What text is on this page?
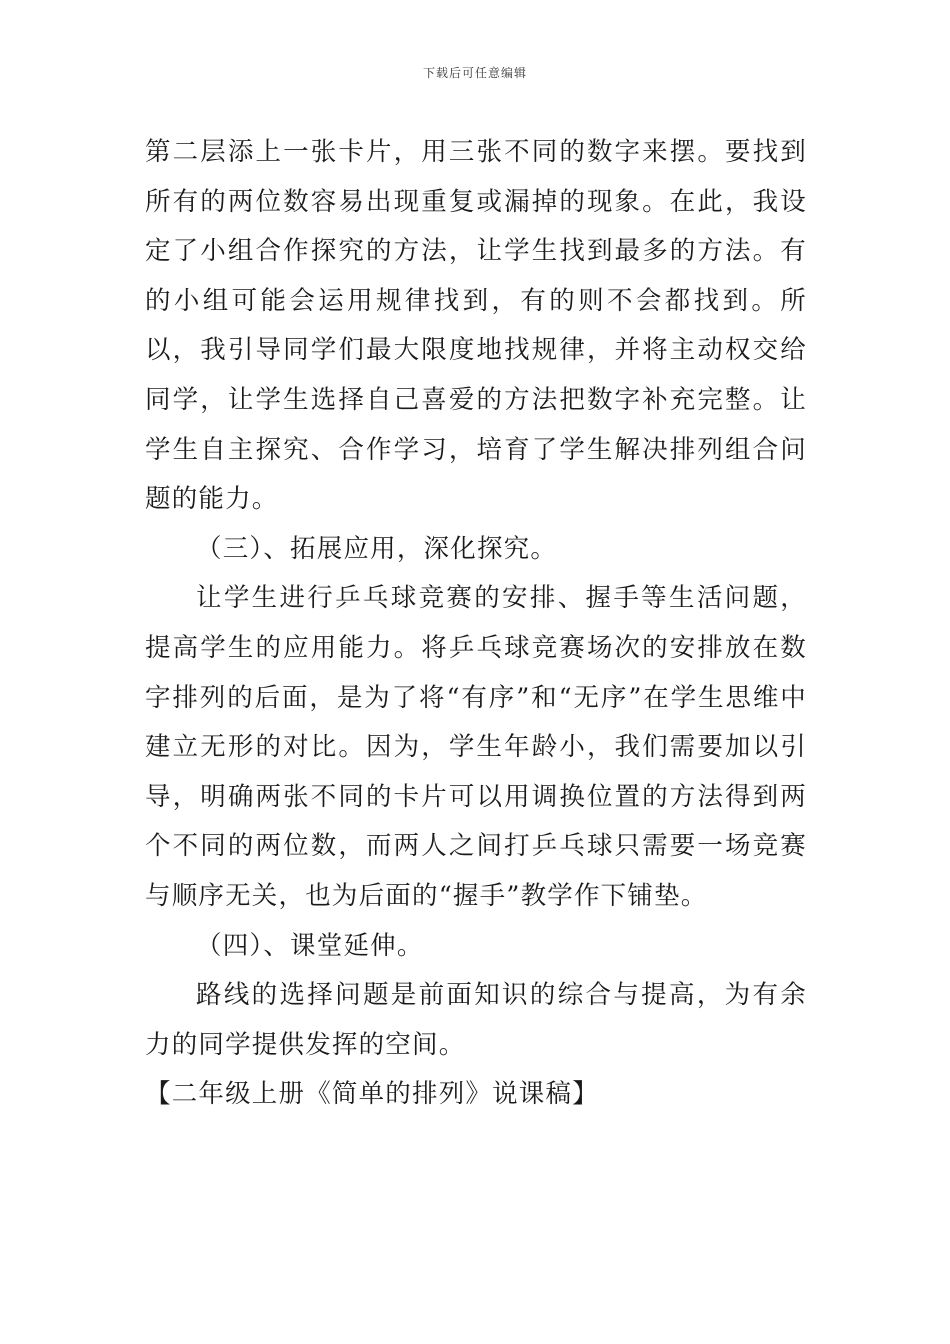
下载后可任意编辑

第二层添上一张卡片，用三张不同的数字来摆。要找到所有的两位数容易出现重复或漏掉的现象。在此，我设定了小组合作探究的方法，让学生找到最多的方法。有的小组可能会运用规律找到，有的则不会都找到。所以，我引导同学们最大限度地找规律，并将主动权交给同学，让学生选择自己喜爱的方法把数字补充完整。让学生自主探究、合作学习，培育了学生解决排列组合问题的能力。

（三）、拓展应用，深化探究。

让学生进行乒乓球竞赛的安排、握手等生活问题，提高学生的应用能力。将乒乓球竞赛场次的安排放在数字排列的后面，是为了将“有序”和“无序”在学生思维中建立无形的对比。因为，学生年龄小，我们需要加以引导，明确两张不同的卡片可以用调换位置的方法得到两个不同的两位数，而两人之间打乒乓球只需要一场竞赛与顺序无关，也为后面的“握手”教学作下铺垫。

（四）、课堂延伸。

路线的选择问题是前面知识的综合与提高，为有余力的同学提供发挥的空间。

【二年级上册《简单的排列》说课稿】
